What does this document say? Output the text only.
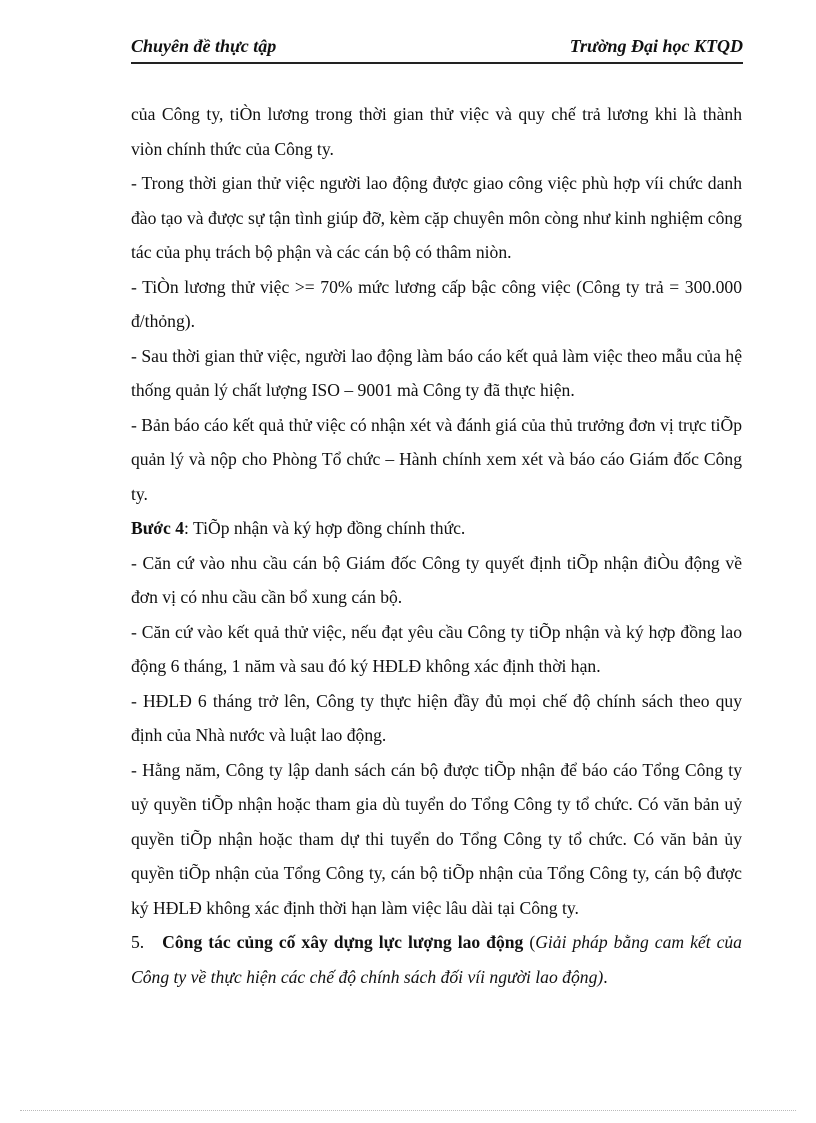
Chuyên đề thực tập	Trường Đại học KTQD

của Công ty, tiÒn lương trong thời gian thử việc và quy chế trả lương khi là thành viòn chính thức của Công ty.

- Trong thời gian thử việc người lao động được giao công việc phù hợp víi chức danh đào tạo và được sự tận tình giúp đỡ, kèm cặp chuyên môn còng như kinh nghiệm công tác của phụ trách bộ phận và các cán bộ có thâm niòn.

- TiÒn lương thử việc >= 70% mức lương cấp bậc công việc (Công ty trả = 300.000 đ/thỏng).

- Sau thời gian thử việc, người lao động làm báo cáo kết quả làm việc theo mẫu của hệ thống quản lý chất lượng ISO – 9001 mà Công ty đã thực hiện.

- Bản báo cáo kết quả thử việc có nhận xét và đánh giá của thủ trưởng đơn vị trực tiÕp quản lý và nộp cho Phòng Tổ chức – Hành chính xem xét và báo cáo Giám đốc Công ty.

Bước 4: TiÕp nhận và ký hợp đồng chính thức.

- Căn cứ vào nhu cầu cán bộ Giám đốc Công ty quyết định tiÕp nhận điÒu động về đơn vị có nhu cầu cần bổ xung cán bộ.

- Căn cứ vào kết quả thử việc, nếu đạt yêu cầu Công ty tiÕp nhận và ký hợp đồng lao động 6 tháng, 1 năm và sau đó ký HĐLĐ không xác định thời hạn.

- HĐLĐ 6 tháng trở lên, Công ty thực hiện đầy đủ mọi chế độ chính sách theo quy định của Nhà nước và luật lao động.

- Hằng năm, Công ty lập danh sách cán bộ được tiÕp nhận để báo cáo Tổng Công ty uỷ quyền tiÕp nhận hoặc tham gia dù tuyển do Tổng Công ty tổ chức. Có văn bản uỷ quyền tiÕp nhận hoặc tham dự thi tuyển do Tổng Công ty tổ chức. Có văn bản ủy quyền tiÕp nhận của Tổng Công ty, cán bộ tiÕp nhận của Tổng Công ty, cán bộ được ký HĐLĐ không xác định thời hạn làm việc lâu dài tại Công ty.

5. Công tác củng cố xây dựng lực lượng lao động (Giải pháp bằng cam kết của Công ty về thực hiện các chế độ chính sách đối víi người lao động).
